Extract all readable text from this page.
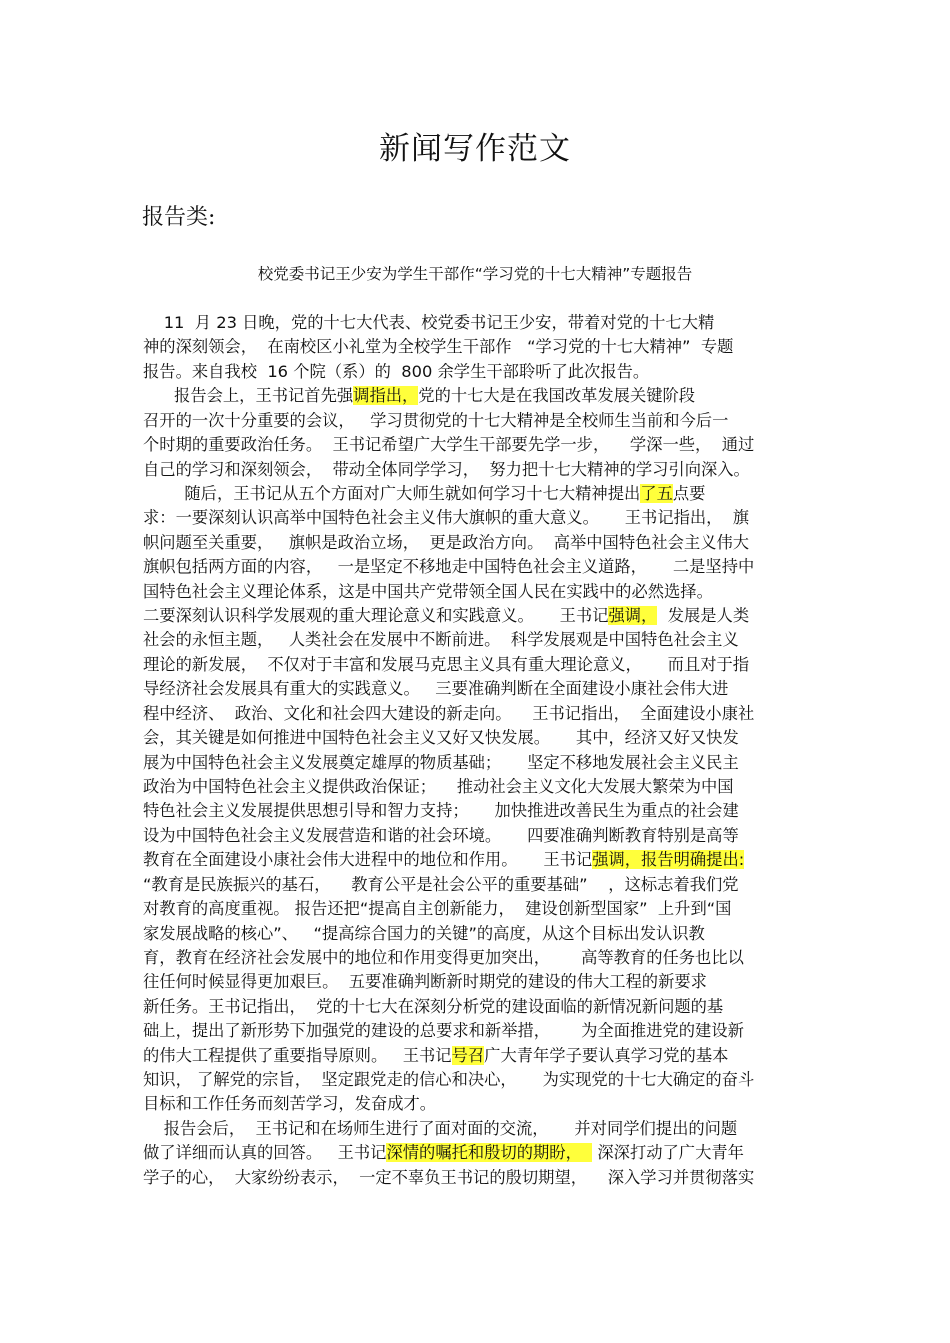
新闻写作范文
报告类:
校党委书记王少安为学生干部作“学习党的十七大精神”专题报告
11  月 23 日晚，党的十七大代表、校党委书记王少安，带着对党的十七大精
神的深刻领会，  在南校区小礼堂为全校学生干部作   “学习党的十七大精神”  专题
报告。来自我校  16 个院（系）的  800 余学生干部聆听了此次报告。
报告会上，王书记首先强调指出，党的十七大是在我国改革发展关键阶段
召开的一次十分重要的会议，   学习贯彻党的十七大精神是全校师生当前和今后一
个时期的重要政治任务。  王书记希望广大学生干部要先学一步，    学深一些，  通过
自己的学习和深刻领会，  带动全体同学学习，  努力把十七大精神的学习引向深入。
随后，王书记从五个方面对广大师生就如何学习十七大精神提出了五点要
求：一要深刻认识高举中国特色社会主义伟大旗帜的重大意义。     王书记指出，  旗
帜问题至关重要，   旗帜是政治立场，  更是政治方向。  高举中国特色社会主义伟大
旗帜包括两方面的内容，   一是坚定不移地走中国特色社会主义道路，     二是坚持中
国特色社会主义理论体系，这是中国共产党带领全国人民在实践中的必然选择。
二要深刻认识科学发展观的重大理论意义和实践意义。     王书记强调，  发展是人类
社会的永恒主题，   人类社会在发展中不断前进。  科学发展观是中国特色社会主义
理论的新发展，  不仅对于丰富和发展马克思主义具有重大理论意义，     而且对于指
导经济社会发展具有重大的实践意义。   三要准确判断在全面建设小康社会伟大进
程中经济、  政治、文化和社会四大建设的新走向。    王书记指出，  全面建设小康社
会，其关键是如何推进中国特色社会主义又好又快发展。     其中，经济又好又快发
展为中国特色社会主义发展奠定雄厚的物质基础；     坚定不移地发展社会主义民主
政治为中国特色社会主义提供政治保证；    推动社会主义文化大发展大繁荣为中国
特色社会主义发展提供思想引导和智力支持；     加快推进改善民生为重点的社会建
设为中国特色社会主义发展营造和谐的社会环境。     四要准确判断教育特别是高等
教育在全面建设小康社会伟大进程中的地位和作用。     王书记强调，报告明确提出:
“教育是民族振兴的基石，    教育公平是社会公平的重要基础”    ，这标志着我们党
对教育的高度重视。 报告还把“提高自主创新能力，  建设创新型国家”  上升到“国
家发展战略的核心”、   “提高综合国力的关键”的高度，从这个目标出发认识教
育，教育在经济社会发展中的地位和作用变得更加突出，      高等教育的任务也比以
往任何时候显得更加艰巨。  五要准确判断新时期党的建设的伟大工程的新要求
新任务。王书记指出，  党的十七大在深刻分析党的建设面临的新情况新问题的基
础上，提出了新形势下加强党的建设的总要求和新举措，      为全面推进党的建设新
的伟大工程提供了重要指导原则。   王书记号召广大青年学子要认真学习党的基本
知识， 了解党的宗旨，  坚定跟党走的信心和决心，     为实现党的十七大确定的奋斗
目标和工作任务而刻苦学习，发奋成才。
报告会后，  王书记和在场师生进行了面对面的交流，     并对同学们提出的问题
做了详细而认真的回答。   王书记深情的嘱托和殷切的期盼，   深深打动了广大青年
学子的心，  大家纷纷表示，  一定不辜负王书记的殷切期望，    深入学习并贯彻落实
